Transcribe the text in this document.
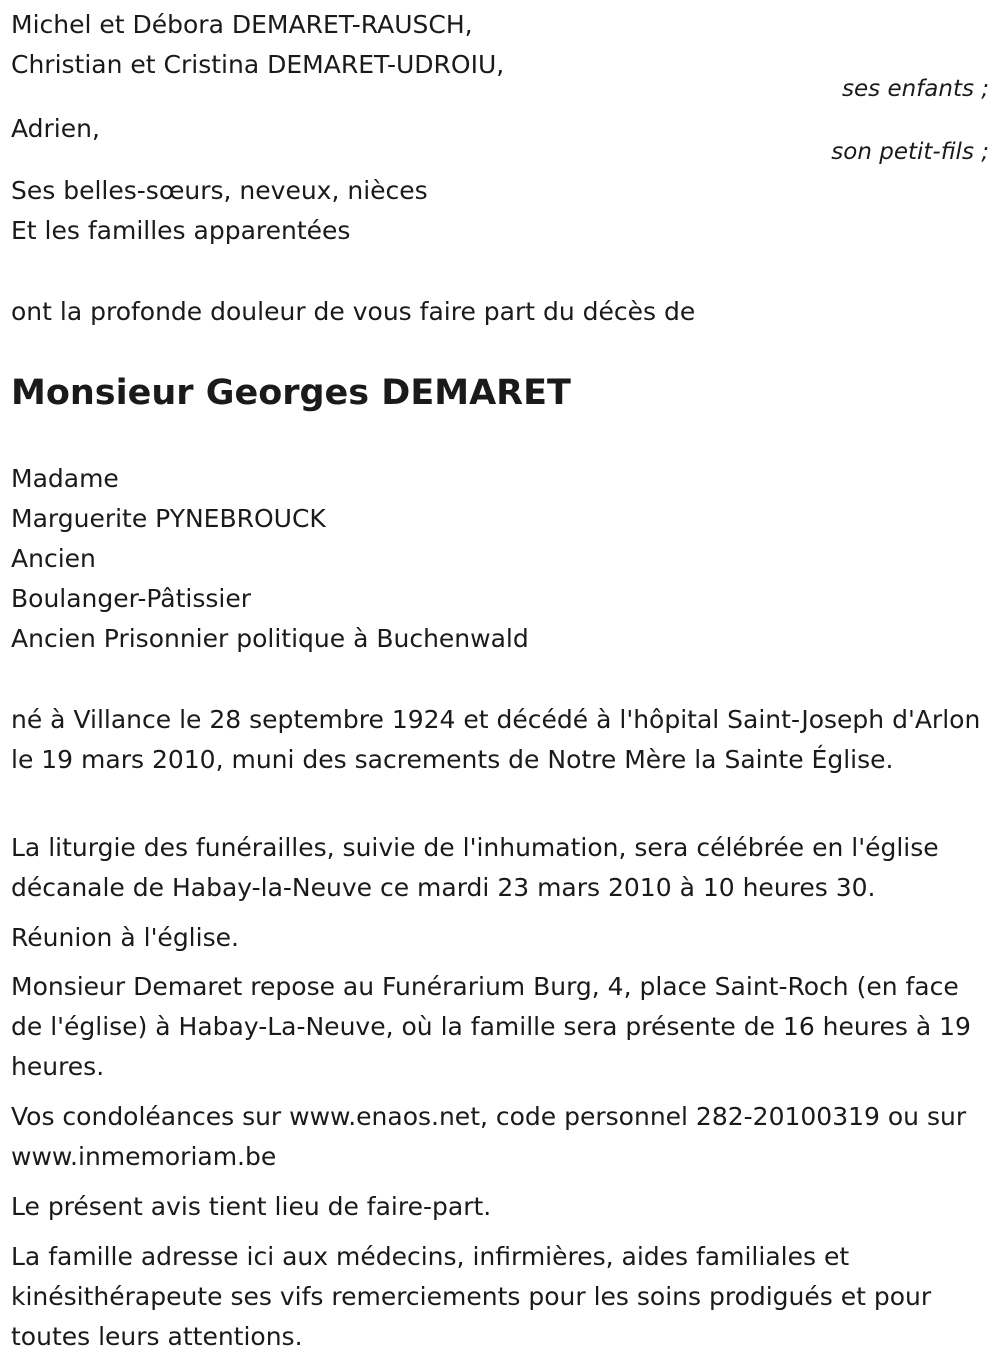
Michel et Débora DEMARET-RAUSCH,
Christian et Cristina DEMARET-UDROIU,
ses enfants ;
Adrien,
son petit-fils ;
Ses belles-sœurs, neveux, nièces
Et les familles apparentées
ont la profonde douleur de vous faire part du décès de
Monsieur Georges DEMARET
Madame
Marguerite PYNEBROUCK
Ancien
Boulanger-Pâtissier
Ancien Prisonnier politique à Buchenwald
né à Villance le 28 septembre 1924 et décédé à l'hôpital Saint-Joseph d'Arlon le 19 mars 2010, muni des sacrements de Notre Mère la Sainte Église.
La liturgie des funérailles, suivie de l'inhumation, sera célébrée en l'église décanale de Habay-la-Neuve ce mardi 23 mars 2010 à 10 heures 30.
Réunion à l'église.
Monsieur Demaret repose au Funérarium Burg, 4, place Saint-Roch (en face de l'église) à Habay-La-Neuve, où la famille sera présente de 16 heures à 19 heures.
Vos condoléances sur www.enaos.net, code personnel 282-20100319 ou sur www.inmemoriam.be
Le présent avis tient lieu de faire-part.
La famille adresse ici aux médecins, infirmières, aides familiales et kinésithérapeute ses vifs remerciements pour les soins prodigués et pour toutes leurs attentions.
